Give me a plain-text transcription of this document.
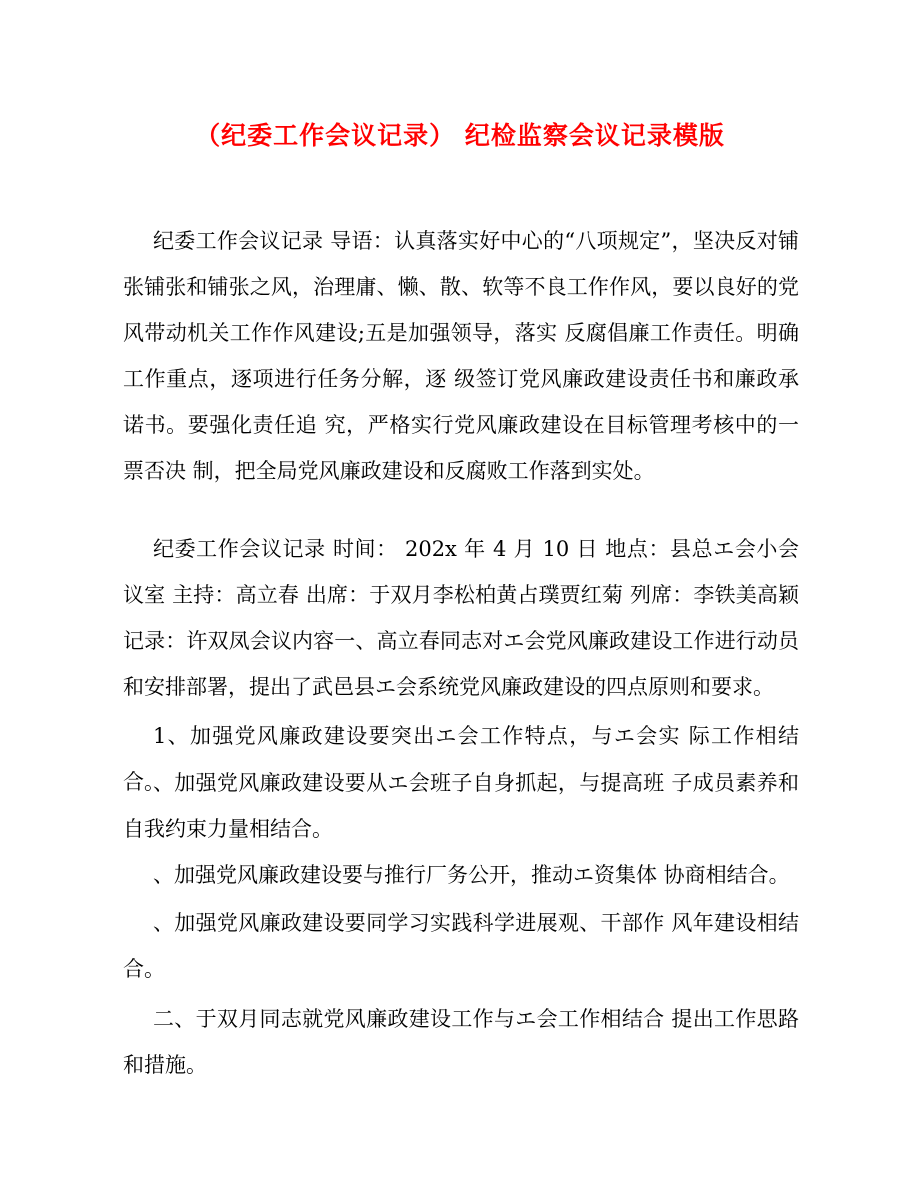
（纪委工作会议记录） 纪检监察会议记录模版
纪委工作会议记录 导语：认真落实好中心的“八项规定”，坚决反对铺张铺张和铺张之风，治理庸、懒、散、软等不良工作作风，要以良好的党风带动机关工作作风建设;五是加强领导，落实 反腐倡廉工作责任。明确工作重点，逐项进行任务分解，逐 级签订党风廉政建设责任书和廉政承诺书。要强化责任追 究，严格实行党风廉政建设在目标管理考核中的一票否决 制，把全局党风廉政建设和反腐败工作落到实处。
纪委工作会议记录 时间： 202x 年 4 月 10 日 地点：县总エ会小会议室 主持：高立春 出席：于双月李松柏黄占璞贾红菊 列席：李铁美高颖 记录：许双凤会议内容一、高立春同志对エ会党风廉政建设工作进行动员和安排部署，提出了武邑县エ会系统党风廉政建设的四点原则和要求。
1、加强党风廉政建设要突出エ会工作特点，与エ会实 际工作相结合。
、加强党风廉政建设要从エ会班子自身抓起，与提高班 子成员素养和自我约束力量相结合。
、加强党风廉政建设要与推行厂务公开，推动エ资集体 协商相结合。
、加强党风廉政建设要同学习实践科学进展观、干部作 风年建设相结合。
二、于双月同志就党风廉政建设工作与エ会工作相结合 提出工作思路和措施。
